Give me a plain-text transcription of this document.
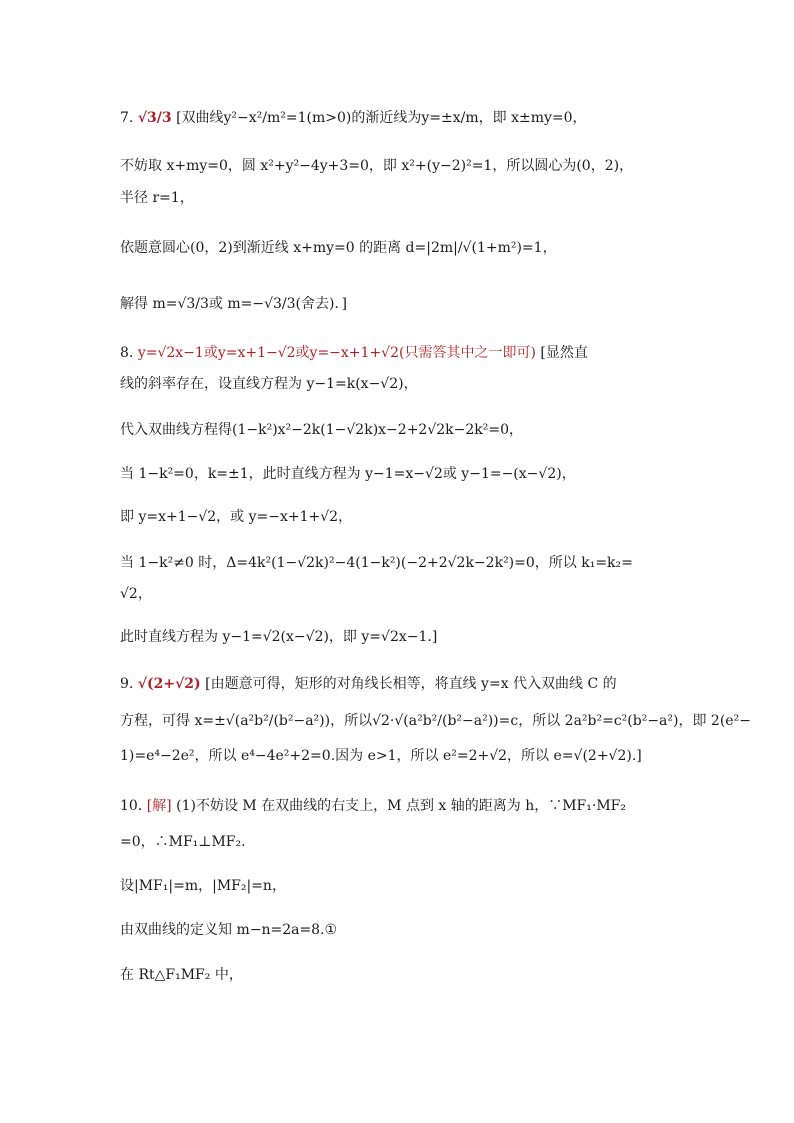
7. √3/3 [双曲线y²−x²/m²=1(m>0)的渐近线为y=±x/m，即 x±my=0，
不妨取 x+my=0，圆 x²+y²−4y+3=0，即 x²+(y−2)²=1，所以圆心为(0，2)，
半径 r=1，
依题意圆心(0，2)到渐近线 x+my=0 的距离 d=|2m|/√(1+m²)=1，
解得 m=√3/3或 m=−√3/3(舍去)．]
8. y=√2x−1或y=x+1−√2或y=−x+1+√2(只需答其中之一即可) [显然直
线的斜率存在，设直线方程为 y−1=k(x−√2)，
代入双曲线方程得(1−k²)x²−2k(1−√2k)x−2+2√2k−2k²=0，
当 1−k²=0，k=±1，此时直线方程为 y−1=x−√2或 y−1=−(x−√2)，
即 y=x+1−√2，或 y=−x+1+√2，
当 1−k²≠0 时，Δ=4k²(1−√2k)²−4(1−k²)(−2+2√2k−2k²)=0，所以 k₁=k₂=
√2，
此时直线方程为 y−1=√2(x−√2)，即 y=√2x−1.]
9. √(2+√2) [由题意可得，矩形的对角线长相等，将直线 y=x 代入双曲线 C 的
方程，可得 x=±√(a²b²/(b²−a²))，所以√2·√(a²b²/(b²−a²))=c，所以 2a²b²=c²(b²−a²)，即 2(e²−
1)=e⁴−2e²，所以 e⁴−4e²+2=0.因为 e>1，所以 e²=2+√2，所以 e=√(2+√2).]
10. [解] (1)不妨设 M 在双曲线的右支上，M 点到 x 轴的距离为 h，∵MF₁·MF₂
=0，∴MF₁⊥MF₂.
设|MF₁|=m，|MF₂|=n，
由双曲线的定义知 m−n=2a=8.①
在 Rt△F₁MF₂ 中，
